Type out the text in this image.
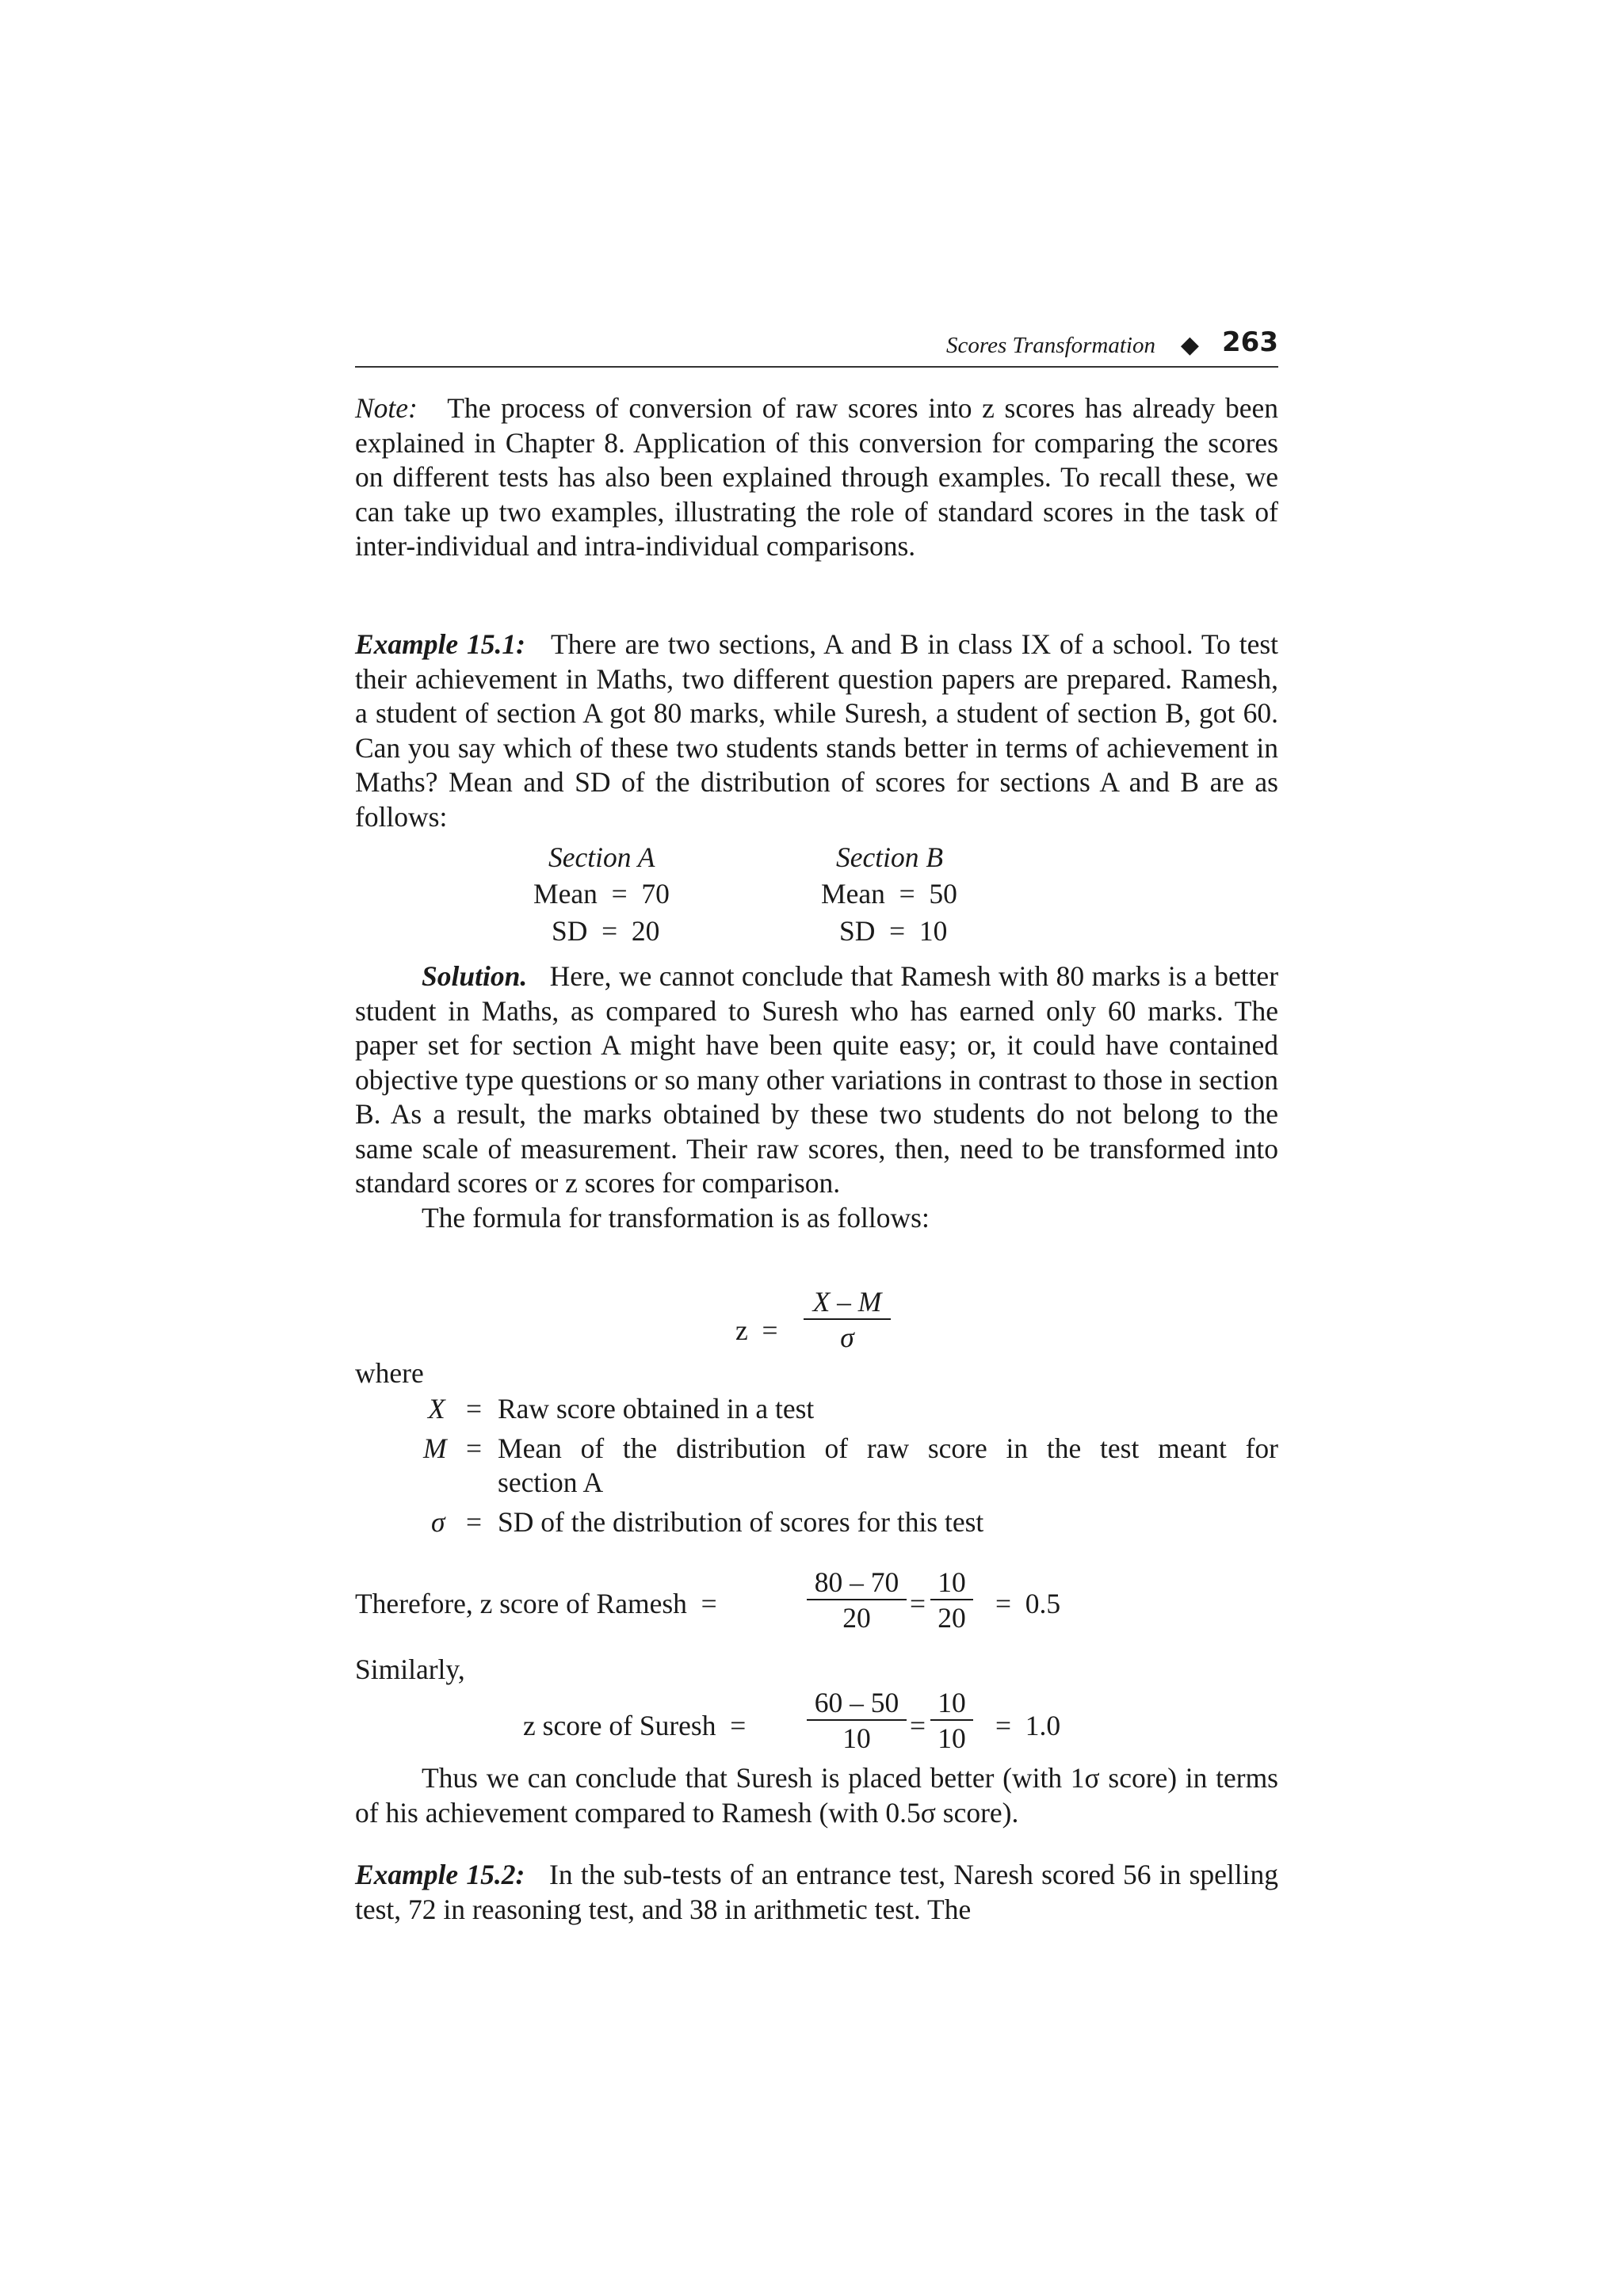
Scores Transformation ◆ 263

Note: The process of conversion of raw scores into z scores has already been explained in Chapter 8. Application of this conversion for comparing the scores on different tests has also been explained through examples. To recall these, we can take up two examples, illustrating the role of standard scores in the task of inter-individual and intra-individual comparisons.

Example 15.1: There are two sections, A and B in class IX of a school. To test their achievement in Maths, two different question papers are prepared. Ramesh, a student of section A got 80 marks, while Suresh, a student of section B, got 60. Can you say which of these two students stands better in terms of achievement in Maths? Mean and SD of the distribution of scores for sections A and B are as follows:

Section A
Mean  =  70
SD  =  20
Section B
Mean  =  50
SD  =  10

Solution. Here, we cannot conclude that Ramesh with 80 marks is a better student in Maths, as compared to Suresh who has earned only 60 marks. The paper set for section A might have been quite easy; or, it could have contained objective type questions or so many other variations in contrast to those in section B. As a result, the marks obtained by these two students do not belong to the same scale of measurement. Their raw scores, then, need to be transformed into standard scores or z scores for comparison.

The formula for transformation is as follows:

$z = \frac{X - M}{\sigma}$
where
X = Raw score obtained in a test
M = Mean of the distribution of raw score in the test meant for
section A
σ = SD of the distribution of scores for this test
Therefore, z score of Ramesh  =	$\frac{80 - 70}{20} = \frac{10}{20} = 0.5$
Similarly,
z score of Suresh  = $\frac{60 - 50}{10} = \frac{10}{10} = 1.0$

Thus we can conclude that Suresh is placed better (with 1σ score) in terms of his achievement compared to Ramesh (with 0.5σ score).

Example 15.2: In the sub-tests of an entrance test, Naresh scored 56 in spelling test, 72 in reasoning test, and 38 in arithmetic test. The
